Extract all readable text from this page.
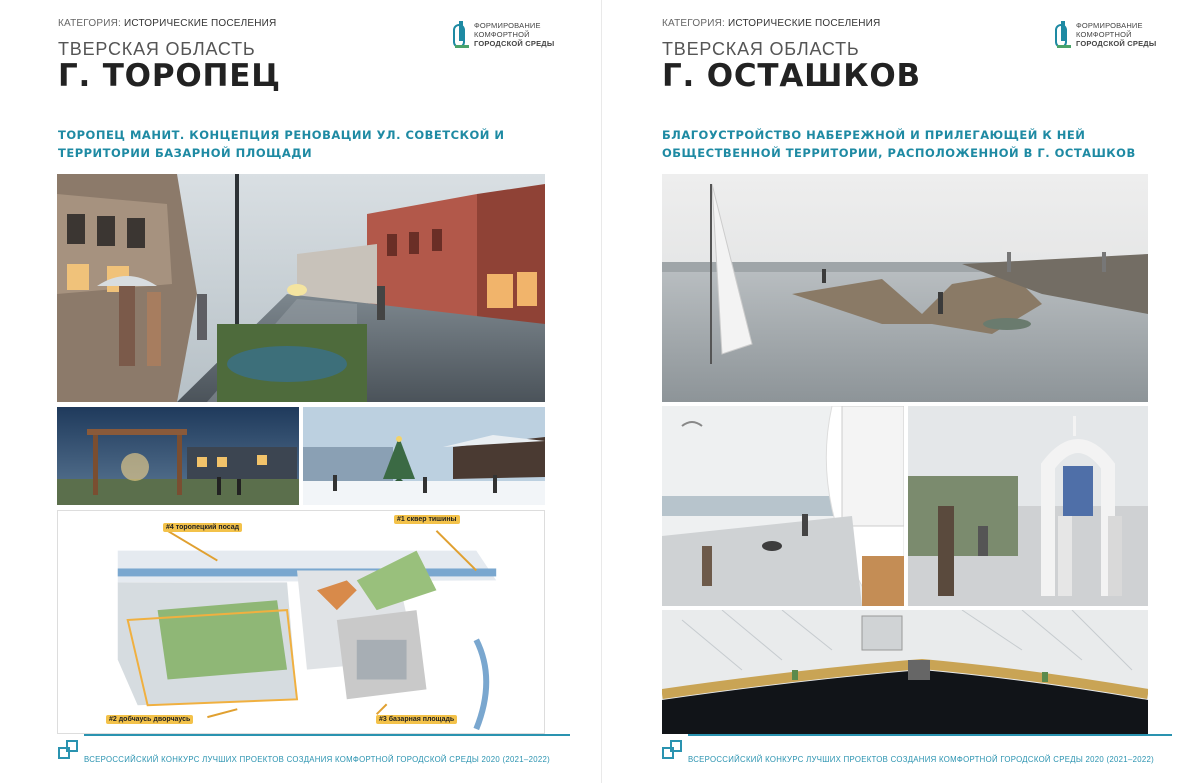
КАТЕГОРИЯ: ИСТОРИЧЕСКИЕ ПОСЕЛЕНИЯ
ТВЕРСКАЯ ОБЛАСТЬ
Г. ТОРОПЕЦ
ФОРМИРОВАНИЕ
КОМФОРТНОЙ
ГОРОДСКОЙ СРЕДЫ
ТОРОПЕЦ МАНИТ. КОНЦЕПЦИЯ РЕНОВАЦИИ УЛ. СОВЕТСКОЙ И ТЕРРИТОРИИ БАЗАРНОЙ ПЛОЩАДИ
#4 торопецкий посад
#1 сквер тишины
#2 добчаусь дворчаусь	#3 базарная площадь
ВСЕРОССИЙСКИЙ КОНКУРС ЛУЧШИХ ПРОЕКТОВ СОЗДАНИЯ КОМФОРТНОЙ ГОРОДСКОЙ СРЕДЫ 2020 (2021–2022)
КАТЕГОРИЯ: ИСТОРИЧЕСКИЕ ПОСЕЛЕНИЯ
ТВЕРСКАЯ ОБЛАСТЬ
Г. ОСТАШКОВ
ФОРМИРОВАНИЕ
КОМФОРТНОЙ
ГОРОДСКОЙ СРЕДЫ
БЛАГОУСТРОЙСТВО НАБЕРЕЖНОЙ И ПРИЛЕГАЮЩЕЙ К НЕЙ ОБЩЕСТВЕННОЙ ТЕРРИТОРИИ, РАСПОЛОЖЕННОЙ В Г. ОСТАШКОВ
ВСЕРОССИЙСКИЙ КОНКУРС ЛУЧШИХ ПРОЕКТОВ СОЗДАНИЯ КОМФОРТНОЙ ГОРОДСКОЙ СРЕДЫ 2020 (2021–2022)
